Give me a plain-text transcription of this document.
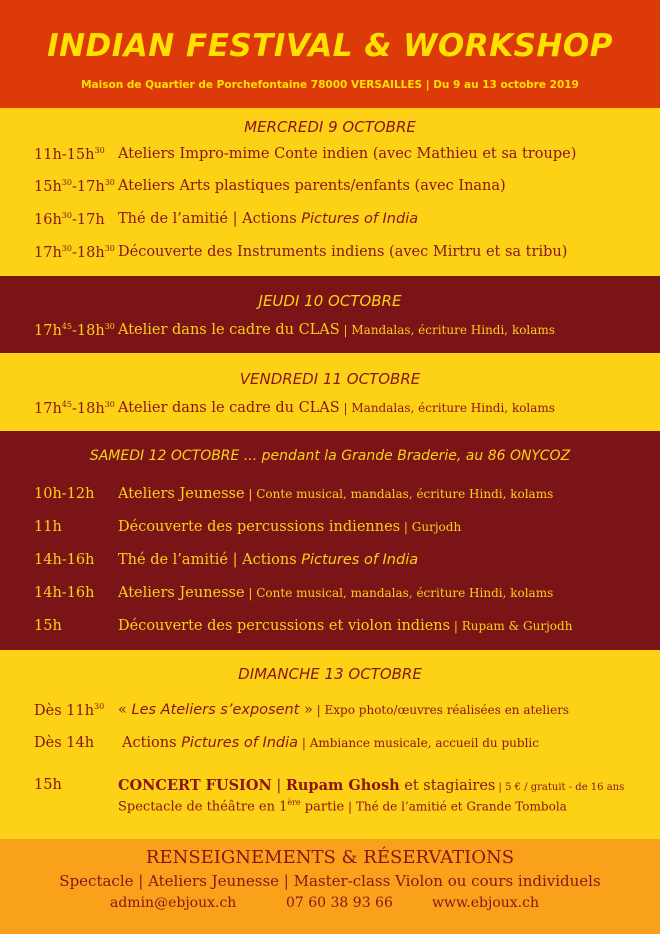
INDIAN FESTIVAL & WORKSHOP
Maison de Quartier de Porchefontaine 78000 VERSAILLES | Du 9 au 13 octobre 2019
MERCREDI 9 OCTOBRE
$11h-15h^{30}$ Ateliers Impro-mime Conte indien (avec Mathieu et sa troupe)
$15h^{30}-17h^{30}$ Ateliers Arts plastiques parents/enfants (avec Inana)
$16h^{30}-17h$ Thé de l’amitié | Actions Pictures of India
$17h^{30}-18h^{30}$ Découverte des Instruments indiens (avec Mirtru et sa tribu)
JEUDI 10 OCTOBRE
$17h^{45}-18h^{30}$ Atelier dans le cadre du CLAS | Mandalas, écriture Hindi, kolams
VENDREDI 11 OCTOBRE
$17h^{45}-18h^{30}$ Atelier dans le cadre du CLAS | Mandalas, écriture Hindi, kolams
SAMEDI 12 OCTOBRE ... pendant la Grande Braderie, au 86 ONYCOZ
10h-12h Ateliers Jeunesse | Conte musical, mandalas, écriture Hindi, kolams
11h	Découverte des percussions indiennes | Gurjodh
14h-16h Thé de l’amitié | Actions Pictures of India
14h-16h Ateliers Jeunesse | Conte musical, mandalas, écriture Hindi, kolams
15h	Découverte des percussions et violon indiens | Rupam & Gurjodh
DIMANCHE 13 OCTOBRE
Dès $11h^{30}$ « Les Ateliers s’exposent » | Expo photo/œuvres réalisées en ateliers
Dès 14h Actions Pictures of India | Ambiance musicale, accueil du public
15h	CONCERT FUSION | Rupam Ghosh et stagiaires | 5 € / gratuit - de 16 ans
Spectacle de théâtre en 1ère partie | Thé de l’amitié et Grande Tombola
RENSEIGNEMENTS & RÉSERVATIONS
Spectacle | Ateliers Jeunesse | Master-class Violon ou cours individuels
admin@ebjoux.ch	07 60 38 93 66	www.ebjoux.ch
